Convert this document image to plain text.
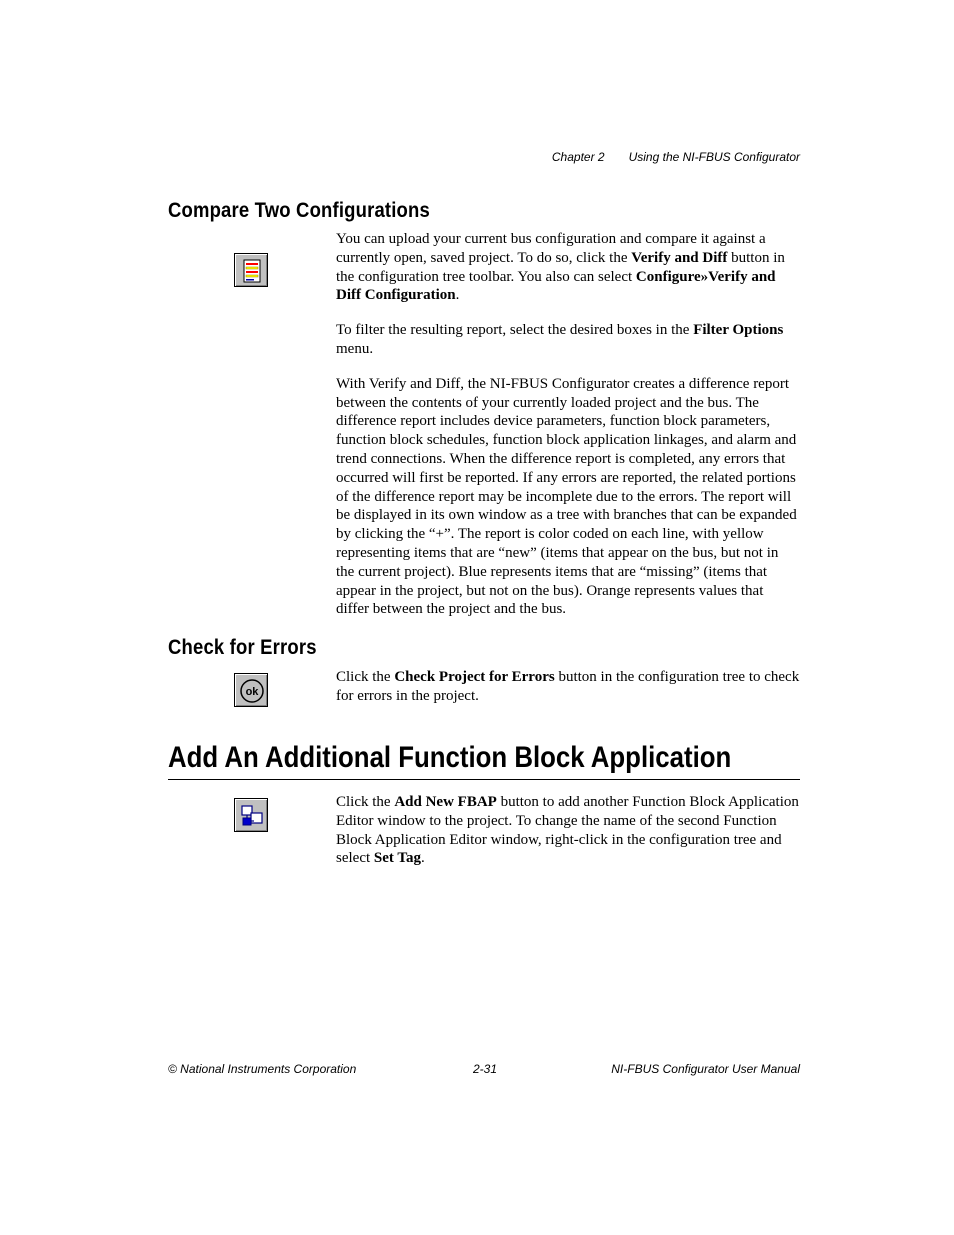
Chapter 2 Using the NI-FBUS Configurator
Compare Two Configurations

You can upload your current bus configuration and compare it against a currently open, saved project. To do so, click the Verify and Diff button in the configuration tree toolbar. You also can select Configure»Verify and Diff Configuration.

To filter the resulting report, select the desired boxes in the Filter Options menu.

With Verify and Diff, the NI-FBUS Configurator creates a difference report between the contents of your currently loaded project and the bus. The difference report includes device parameters, function block parameters, function block schedules, function block application linkages, and alarm and trend connections. When the difference report is completed, any errors that occurred will first be reported. If any errors are reported, the related portions of the difference report may be incomplete due to the errors. The report will be displayed in its own window as a tree with branches that can be expanded by clicking the “+”. The report is color coded on each line, with yellow representing items that are “new” (items that appear on the bus, but not in the current project). Blue represents items that are “missing” (items that appear in the project, but not on the bus). Orange represents values that differ between the project and the bus.

Check for Errors
ok

Click the Check Project for Errors button in the configuration tree to check for errors in the project.

Add An Additional Function Block Application

Click the Add New FBAP button to add another Function Block Application Editor window to the project. To change the name of the second Function Block Application Editor window, right-click in the configuration tree and select Set Tag.

© National Instruments Corporation	2-31	NI-FBUS Configurator User Manual
